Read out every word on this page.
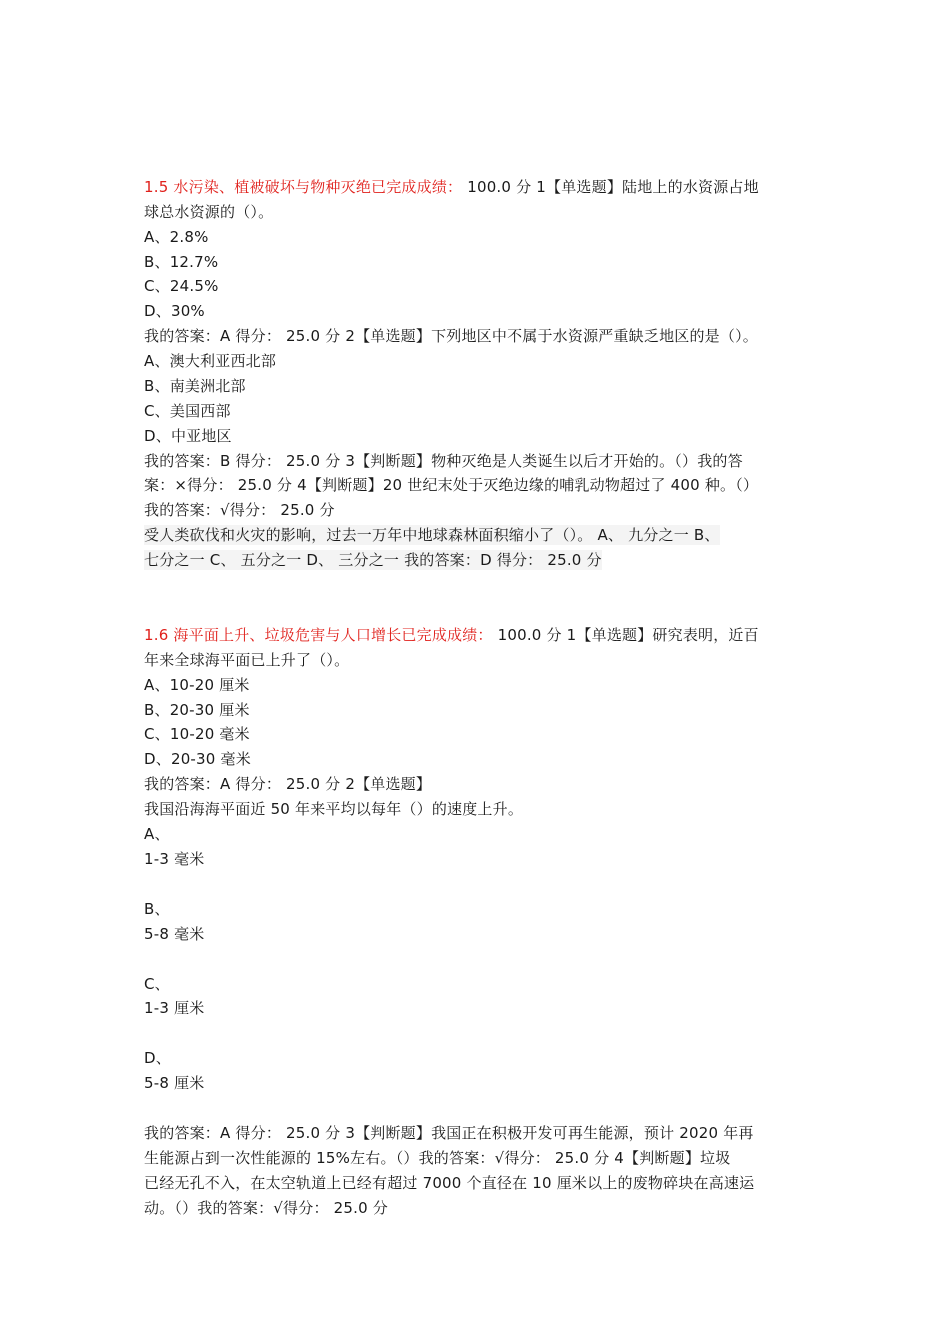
1.5 水污染、植被破坏与物种灭绝已完成成绩： 100.0 分 1【单选题】陆地上的水资源占地
球总水资源的（）。
A、2.8%
B、12.7%
C、24.5%
D、30%
我的答案：A 得分： 25.0 分 2【单选题】下列地区中不属于水资源严重缺乏地区的是（）。
A、澳大利亚西北部
B、南美洲北部
C、美国西部
D、中亚地区
我的答案：B 得分： 25.0 分 3【判断题】物种灭绝是人类诞生以后才开始的。（）我的答
案：×得分： 25.0 分 4【判断题】20 世纪末处于灭绝边缘的哺乳动物超过了 400 种。（）
我的答案：√得分： 25.0 分
受人类砍伐和火灾的影响，过去一万年中地球森林面积缩小了（）。 A、 九分之一 B、
七分之一 C、 五分之一 D、 三分之一 我的答案：D 得分： 25.0 分
1.6 海平面上升、垃圾危害与人口增长已完成成绩： 100.0 分 1【单选题】研究表明，近百
年来全球海平面已上升了（）。
A、10-20 厘米
B、20-30 厘米
C、10-20 毫米
D、20-30 毫米
我的答案：A 得分： 25.0 分 2【单选题】
我国沿海海平面近 50 年来平均以每年（）的速度上升。
A、
1-3 毫米
B、
5-8 毫米
C、
1-3 厘米
D、
5-8 厘米
我的答案：A 得分： 25.0 分 3【判断题】我国正在积极开发可再生能源，预计 2020 年再
生能源占到一次性能源的 15%左右。（）我的答案：√得分： 25.0 分 4【判断题】垃圾
已经无孔不入，在太空轨道上已经有超过 7000 个直径在 10 厘米以上的废物碎块在高速运
动。（）我的答案：√得分： 25.0 分
